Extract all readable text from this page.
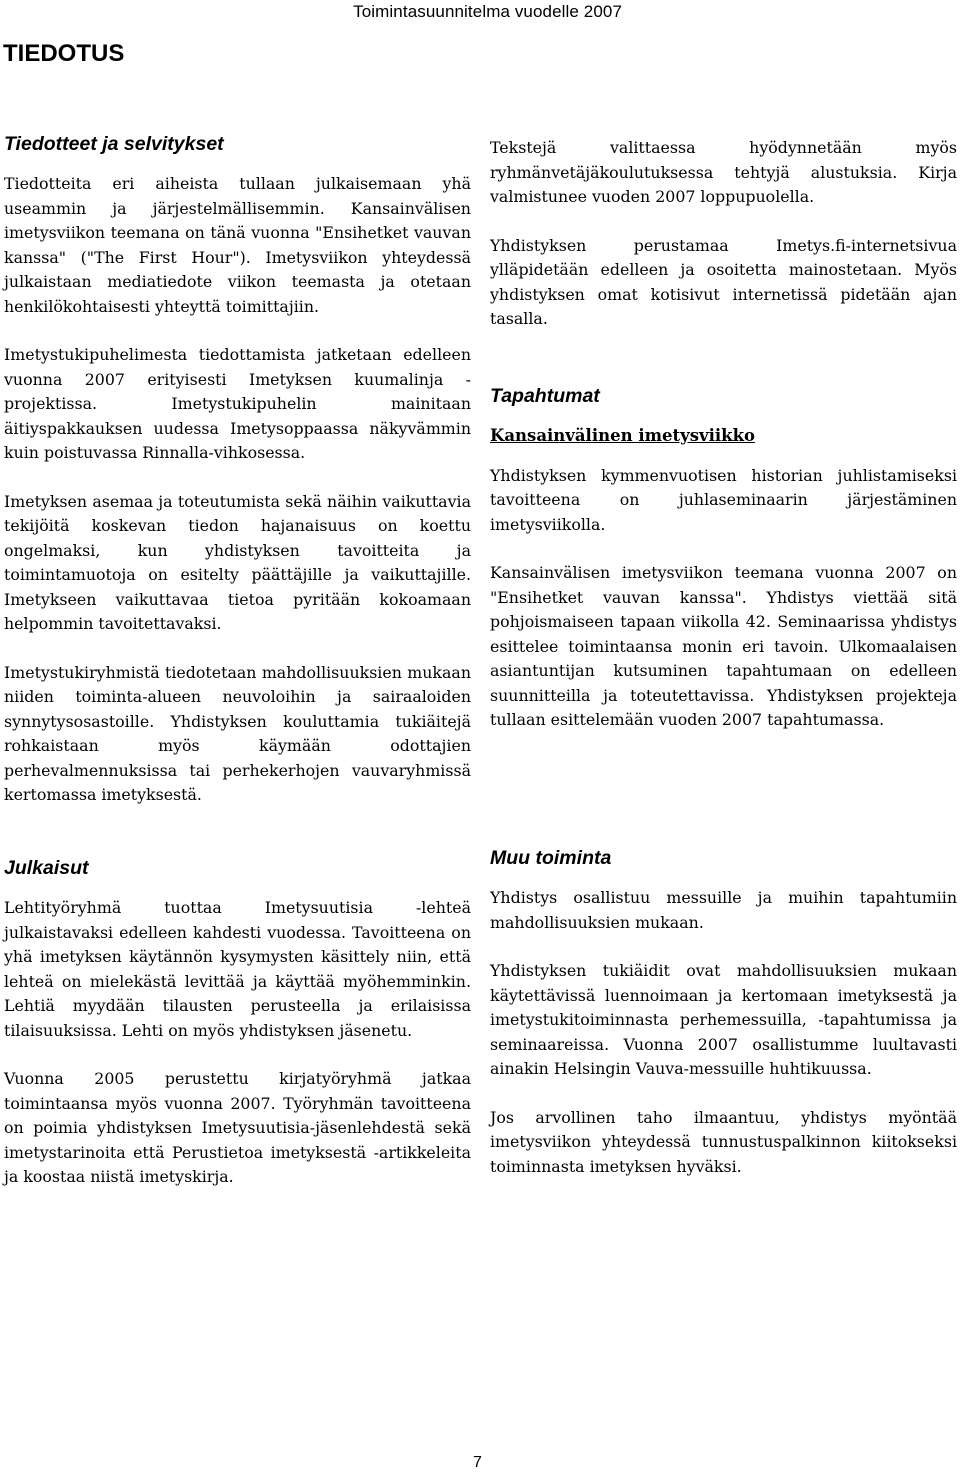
Toimintasuunnitelma vuodelle 2007
TIEDOTUS
Tiedotteet ja selvitykset

Tiedotteita eri aiheista tullaan julkaisemaan yhä useammin ja järjestelmällisemmin. Kansainvälisen imetysviikon teemana on tänä vuonna "Ensihetket vauvan kanssa" ("The First Hour"). Imetysviikon yhteydessä julkaistaan mediatiedote viikon teemasta ja otetaan henkilökohtaisesti yhteyttä toimittajiin.

Imetystukipuhelimesta tiedottamista jatketaan edelleen vuonna 2007 erityisesti Imetyksen kuumalinja -projektissa. Imetystukipuhelin mainitaan äitiyspakkauksen uudessa Imetysoppaassa näkyvämmin kuin poistuvassa Rinnalla-vihkosessa.

Imetyksen asemaa ja toteutumista sekä näihin vaikuttavia tekijöitä koskevan tiedon hajanaisuus on koettu ongelmaksi, kun yhdistyksen tavoitteita ja toimintamuotoja on esitelty päättäjille ja vaikuttajille. Imetykseen vaikuttavaa tietoa pyritään kokoamaan helpommin tavoitettavaksi.

Imetystukiryhmistä tiedotetaan mahdollisuuksien mukaan niiden toiminta-alueen neuvoloihin ja sairaaloiden synnytysosastoille. Yhdistyksen kouluttamia tukiäitejä rohkaistaan myös käymään odottajien perhevalmennuksissa tai perhekerhojen vauvaryhmissä kertomassa imetyksestä.

Tekstejä valittaessa hyödynnetään myös ryhmänvetäjäkoulutuksessa tehtyjä alustuksia. Kirja valmistunee vuoden 2007 loppupuolella.

Yhdistyksen perustamaa Imetys.fi-internetsivua ylläpidetään edelleen ja osoitetta mainostetaan. Myös yhdistyksen omat kotisivut internetissä pidetään ajan tasalla.

Tapahtumat
Kansainvälinen imetysviikko

Yhdistyksen kymmenvuotisen historian juhlistamiseksi tavoitteena on juhlaseminaarin järjestäminen imetysviikolla.

Kansainvälisen imetysviikon teemana vuonna 2007 on "Ensihetket vauvan kanssa". Yhdistys viettää sitä pohjoismaiseen tapaan viikolla 42. Seminaarissa yhdistys esittelee toimintaansa monin eri tavoin. Ulkomaalaisen asiantuntijan kutsuminen tapahtumaan on edelleen suunnitteilla ja toteutettavissa. Yhdistyksen projekteja tullaan esittelemään vuoden 2007 tapahtumassa.

Julkaisut

Lehtityöryhmä tuottaa Imetysuutisia -lehteä julkaistavaksi edelleen kahdesti vuodessa. Tavoitteena on yhä imetyksen käytännön kysymysten käsittely niin, että lehteä on mielekästä levittää ja käyttää myöhemminkin. Lehtiä myydään tilausten perusteella ja erilaisissa tilaisuuksissa. Lehti on myös yhdistyksen jäsenetu.

Vuonna 2005 perustettu kirjatyöryhmä jatkaa toimintaansa myös vuonna 2007. Työryhmän tavoitteena on poimia yhdistyksen Imetysuutisia-jäsenlehdestä sekä imetystarinoita että Perustietoa imetyksestä -artikkeleita ja koostaa niistä imetyskirja.

Muu toiminta

Yhdistys osallistuu messuille ja muihin tapahtumiin mahdollisuuksien mukaan.

Yhdistyksen tukiäidit ovat mahdollisuuksien mukaan käytettävissä luennoimaan ja kertomaan imetyksestä ja imetystukitoiminnasta perhemessuilla, -tapahtumissa ja seminaareissa. Vuonna 2007 osallistumme luultavasti ainakin Helsingin Vauva-messuille huhtikuussa.

Jos arvollinen taho ilmaantuu, yhdistys myöntää imetysviikon yhteydessä tunnustuspalkinnon kiitokseksi toiminnasta imetyksen hyväksi.

7
